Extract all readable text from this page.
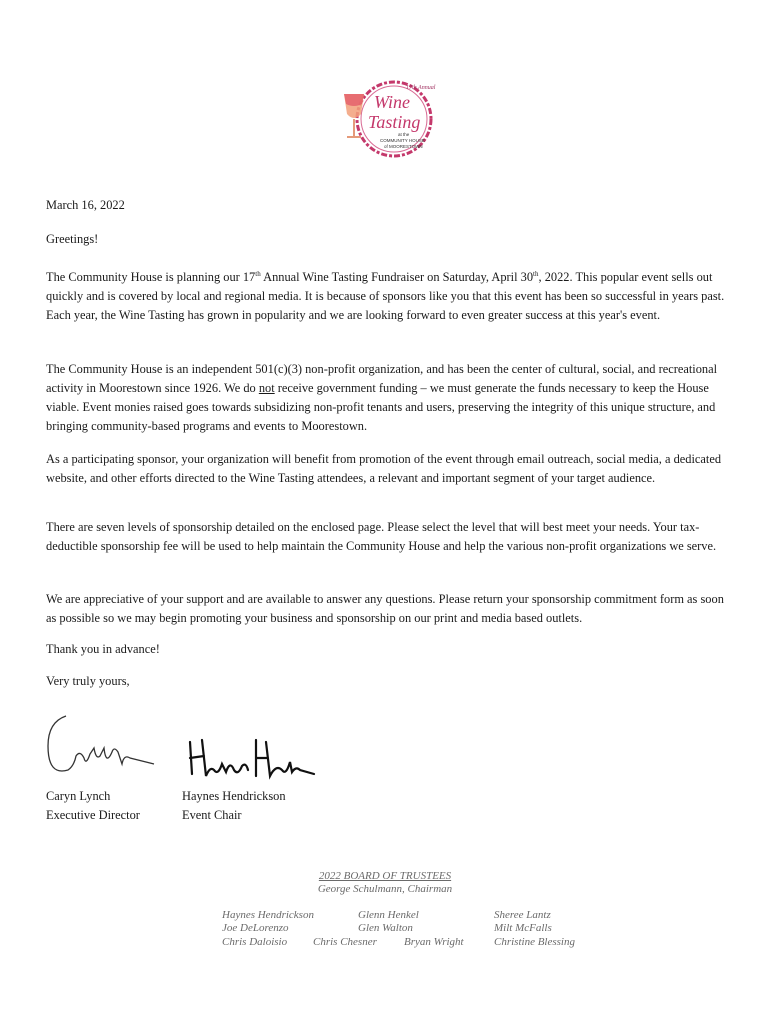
17th Annual
Wine
Tasting
at the
COMMUNITY HOUSE
of MOORESTOWN

March 16, 2022

Greetings!

The Community House is planning our 17th Annual Wine Tasting Fundraiser on Saturday, April 30th, 2022. This popular event sells out quickly and is covered by local and regional media. It is because of sponsors like you that this event has been so successful in years past. Each year, the Wine Tasting has grown in popularity and we are looking forward to even greater success at this year's event.

The Community House is an independent 501(c)(3) non-profit organization, and has been the center of cultural, social, and recreational activity in Moorestown since 1926. We do not receive government funding – we must generate the funds necessary to keep the House viable. Event monies raised goes towards subsidizing non-profit tenants and users, preserving the integrity of this unique structure, and bringing community-based programs and events to Moorestown.

As a participating sponsor, your organization will benefit from promotion of the event through email outreach, social media, a dedicated website, and other efforts directed to the Wine Tasting attendees, a relevant and important segment of your target audience.

There are seven levels of sponsorship detailed on the enclosed page. Please select the level that will best meet your needs. Your tax-deductible sponsorship fee will be used to help maintain the Community House and help the various non-profit organizations we serve.

We are appreciative of your support and are available to answer any questions. Please return your sponsorship commitment form as soon as possible so we may begin promoting your business and sponsorship on our print and media based outlets.

Thank you in advance!

Very truly yours,

Caryn Lynch
Executive Director
Haynes Hendrickson
Event Chair
2022 BOARD OF TRUSTEES
George Schulmann, Chairman
Haynes Hendrickson	Glenn Henkel	Sheree Lantz
Joe DeLorenzo	Glen Walton	Milt McFalls
Chris Daloisio Chris Chesner Bryan Wright	Christine Blessing
